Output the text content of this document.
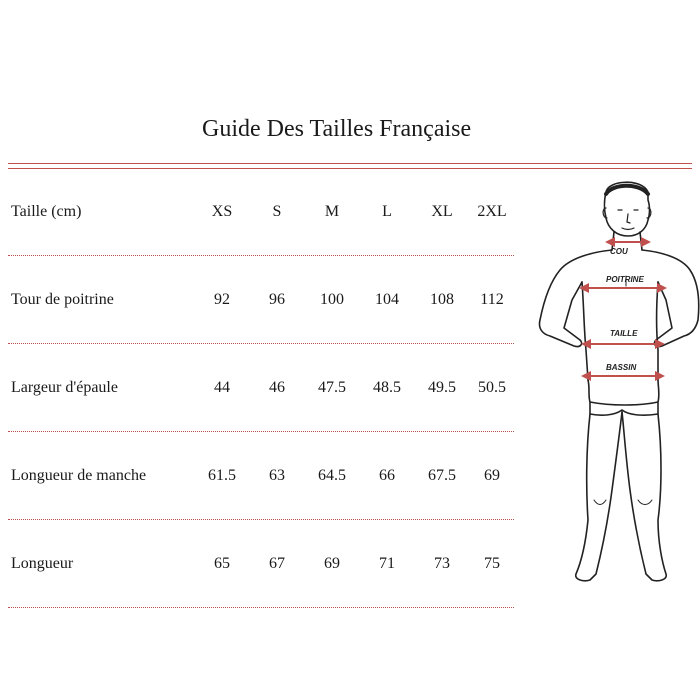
Guide Des Tailles Française
Taille (cm)	XS	S	M	L	XL	2XL
Tour de poitrine	92	96	100	104	108	112
Largeur d'épaule	44	46	47.5	48.5	49.5	50.5
Longueur de manche	61.5	63	64.5	66	67.5	69
Longueur	65	67	69	71	73	75
COU
POITRINE
TAILLE
BASSIN
